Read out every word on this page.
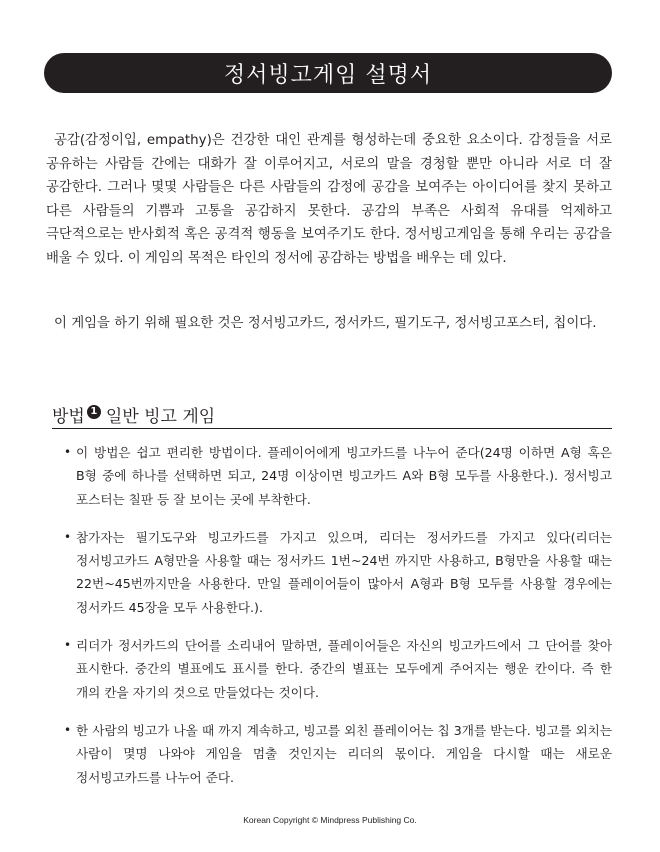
정서빙고게임 설명서

공감(감정이입, empathy)은 건강한 대인 관계를 형성하는데 중요한 요소이다. 감정들을 서로 공유하는 사람들 간에는 대화가 잘 이루어지고, 서로의 말을 경청할 뿐만 아니라 서로 더 잘 공감한다. 그러나 몇몇 사람들은 다른 사람들의 감정에 공감을 보여주는 아이디어를 찾지 못하고 다른 사람들의 기쁨과 고통을 공감하지 못한다. 공감의 부족은 사회적 유대를 억제하고 극단적으로는 반사회적 혹은 공격적 행동을 보여주기도 한다. 정서빙고게임을 통해 우리는 공감을 배울 수 있다. 이 게임의 목적은 타인의 정서에 공감하는 방법을 배우는 데 있다.

이 게임을 하기 위해 필요한 것은 정서빙고카드, 정서카드, 필기도구, 정서빙고포스터, 칩이다.

방법 1 일반 빙고 게임
• 이 방법은 쉽고 편리한 방법이다. 플레이어에게 빙고카드를 나누어 준다(24명 이하면 A형 혹은 B형 중에 하나를 선택하면 되고, 24명 이상이면 빙고카드 A와 B형 모두를 사용한다.). 정서빙고 포스터는 칠판 등 잘 보이는 곳에 부착한다.
• 참가자는 필기도구와 빙고카드를 가지고 있으며, 리더는 정서카드를 가지고 있다(리더는 정서빙고카드 A형만을 사용할 때는 정서카드 1번~24번 까지만 사용하고, B형만을 사용할 때는 22번~45번까지만을 사용한다. 만일 플레이어들이 많아서 A형과 B형 모두를 사용할 경우에는 정서카드 45장을 모두 사용한다.).
• 리더가 정서카드의 단어를 소리내어 말하면, 플레이어들은 자신의 빙고카드에서 그 단어를 찾아 표시한다. 중간의 별표에도 표시를 한다. 중간의 별표는 모두에게 주어지는 행운 칸이다. 즉 한 개의 칸을 자기의 것으로 만들었다는 것이다.
• 한 사람의 빙고가 나올 때 까지 계속하고, 빙고를 외친 플레이어는 칩 3개를 받는다. 빙고를 외치는 사람이 몇명 나와야 게임을 멈출 것인지는 리더의 몫이다. 게임을 다시할 때는 새로운 정서빙고카드를 나누어 준다.
Korean Copyright © Mindpress Publishing Co.
